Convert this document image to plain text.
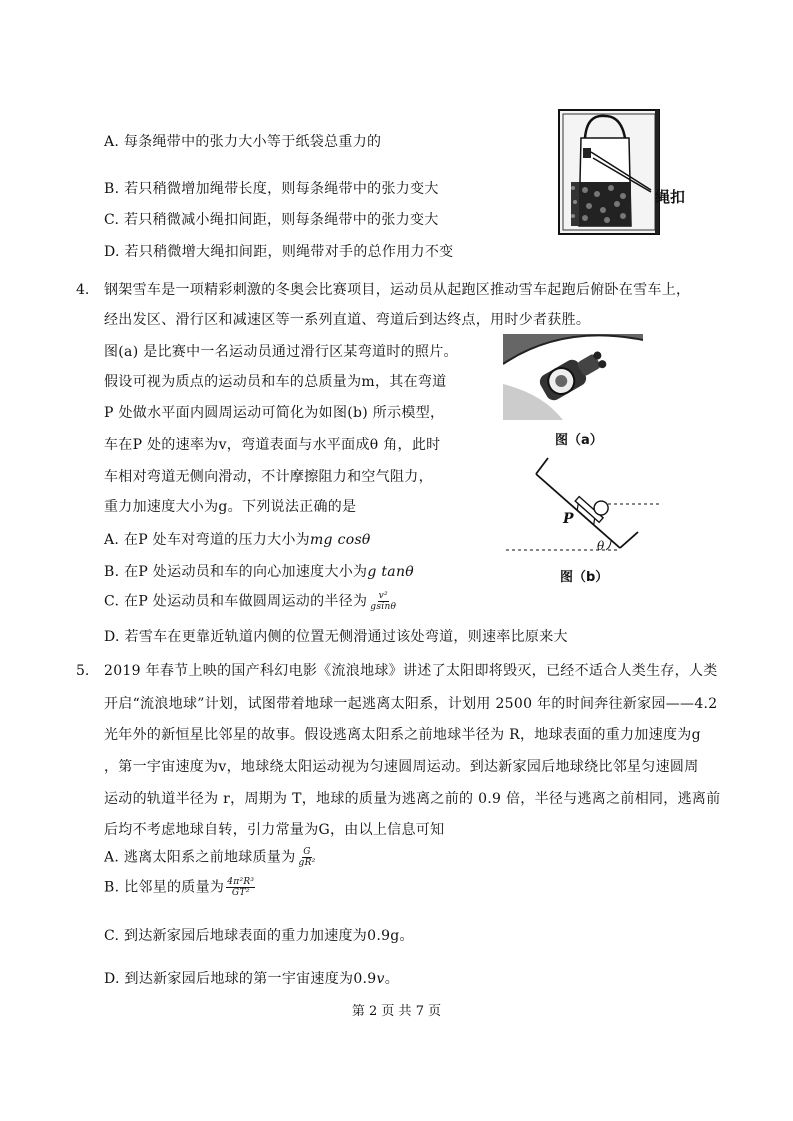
A. 每条绳带中的张力大小等于纸袋总重力的
B. 若只稍微增加绳带长度，则每条绳带中的张力变大
C. 若只稍微减小绳扣间距，则每条绳带中的张力变大
D. 若只稍微增大绳扣间距，则绳带对手的总作用力不变
绳扣
4. 钢架雪车是一项精彩刺激的冬奥会比赛项目，运动员从起跑区推动雪车起跑后俯卧在雪车上，
经出发区、滑行区和减速区等一系列直道、弯道后到达终点，用时少者获胜。
图(a) 是比赛中一名运动员通过滑行区某弯道时的照片。
假设可视为质点的运动员和车的总质量为m，其在弯道
P 处做水平面内圆周运动可简化为如图(b) 所示模型，
车在P 处的速率为v，弯道表面与水平面成θ 角，此时
车相对弯道无侧向滑动，不计摩擦阻力和空气阻力，
重力加速度大小为g。下列说法正确的是
A. 在P 处车对弯道的压力大小为mg cosθ
B. 在P 处运动员和车的向心加速度大小为g tanθ
C. 在P 处运动员和车做圆周运动的半径为 $\frac{\text{v²}}{gsin\theta}$
D. 若雪车在更靠近轨道内侧的位置无侧滑通过该处弯道，则速率比原来大
图（a）
P
θ
图（b）
5. 2019 年春节上映的国产科幻电影《流浪地球》讲述了太阳即将毁灭，已经不适合人类生存，人类
开启“流浪地球”计划，试图带着地球一起逃离太阳系，计划用 2500 年的时间奔往新家园——4.2
光年外的新恒星比邻星的故事。假设逃离太阳系之前地球半径为 R，地球表面的重力加速度为g
，第一宇宙速度为v，地球绕太阳运动视为匀速圆周运动。到达新家园后地球绕比邻星匀速圆周
运动的轨道半径为 r，周期为 T，地球的质量为逃离之前的 0.9 倍，半径与逃离之前相同，逃离前
后均不考虑地球自转，引力常量为G，由以上信息可知
A. 逃离太阳系之前地球质量为 $\frac{G}{\text{gR²}}$
B. 比邻星的质量为 $\frac{\text{4π²R³}}{\text{GT²}}$
C. 到达新家园后地球表面的重力加速度为0.9g。
D. 到达新家园后地球的第一宇宙速度为0.9v。
第 2 页 共 7 页
